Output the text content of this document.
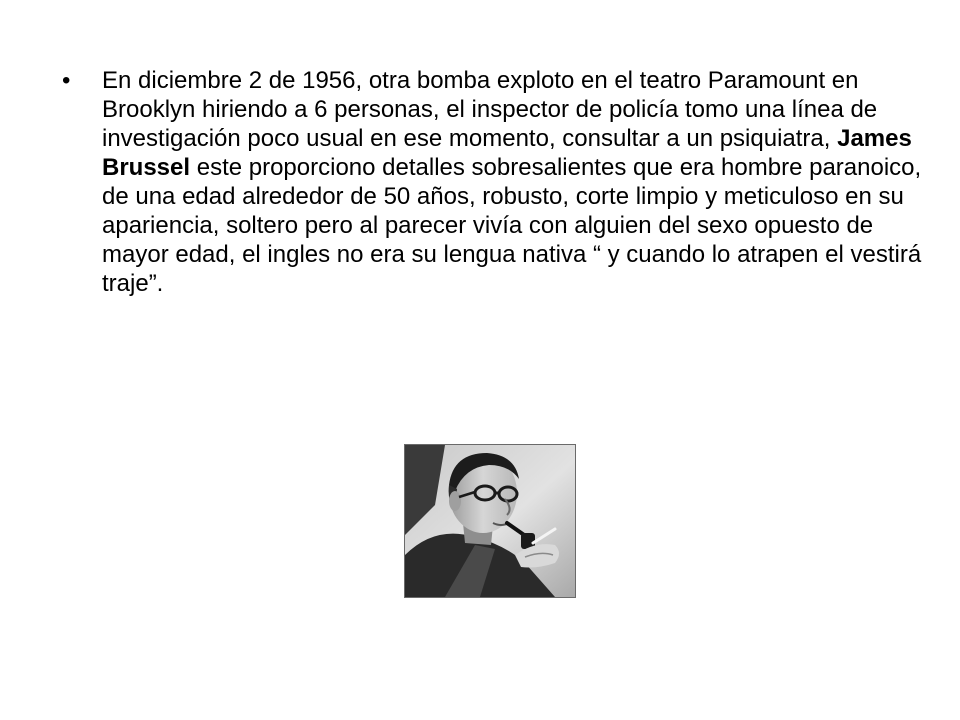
• En diciembre 2 de 1956, otra bomba exploto en el teatro Paramount en Brooklyn hiriendo a 6 personas, el inspector de policía tomo una línea de investigación poco usual en ese momento, consultar a un psiquiatra, James Brussel este proporciono detalles sobresalientes que era hombre paranoico, de una edad alrededor de 50 años, robusto, corte limpio y meticuloso en su apariencia, soltero pero al parecer vivía con alguien del sexo opuesto de mayor edad, el ingles no era su lengua nativa “ y cuando lo atrapen el vestirá traje”.
